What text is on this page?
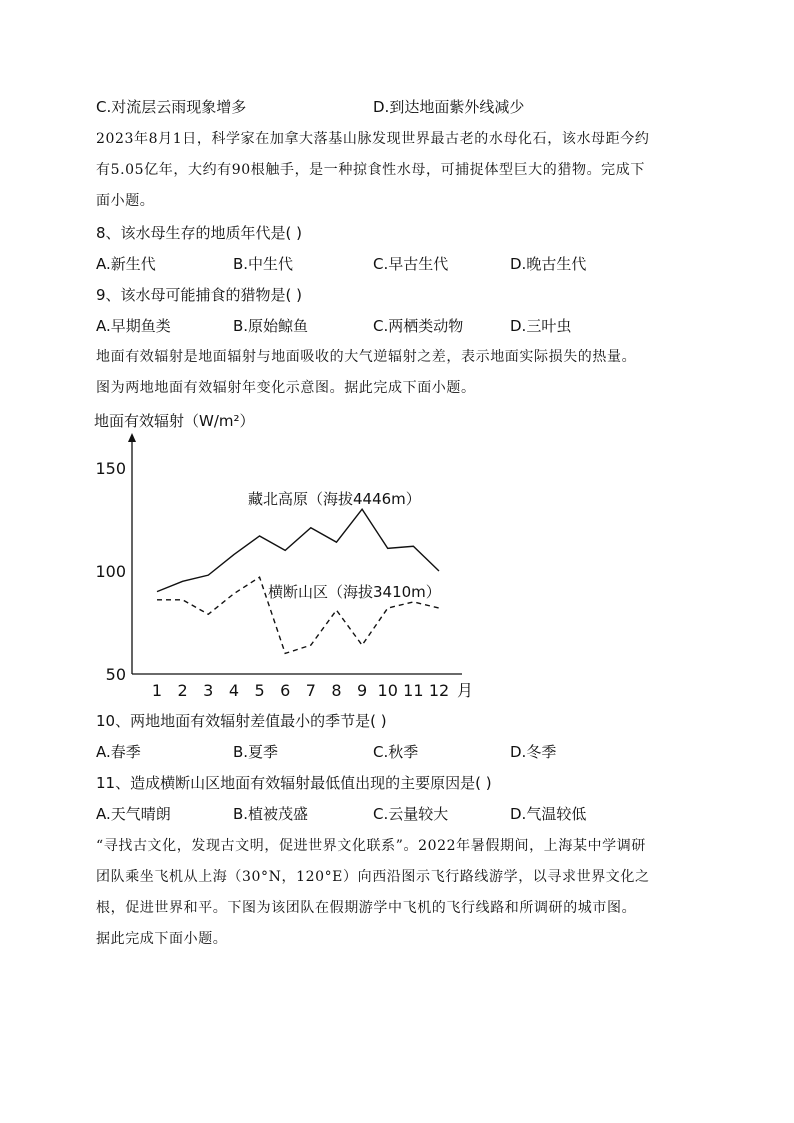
C.对流层云雨现象增多	D.到达地面紫外线减少
2023年8月1日，科学家在加拿大落基山脉发现世界最古老的水母化石，该水母距今约
有5.05亿年，大约有90根触手，是一种掠食性水母，可捕捉体型巨大的猎物。完成下
面小题。
8、该水母生存的地质年代是( )
A.新生代	B.中生代	C.早古生代	D.晚古生代
9、该水母可能捕食的猎物是( )
A.早期鱼类	B.原始鲸鱼	C.两栖类动物	D.三叶虫
地面有效辐射是地面辐射与地面吸收的大气逆辐射之差，表示地面实际损失的热量。
图为两地地面有效辐射年变化示意图。据此完成下面小题。
地面有效辐射（W/m²）
月
50
100
150
1 2 3 4 5 6 7 8 9 10 11 12
藏北高原（海拔4446m）
横断山区（海拔3410m）
10、两地地面有效辐射差值最小的季节是( )
A.春季	B.夏季	C.秋季	D.冬季
11、造成横断山区地面有效辐射最低值出现的主要原因是( )
A.天气晴朗	B.植被茂盛	C.云量较大	D.气温较低
“寻找古文化，发现古文明，促进世界文化联系”。2022年暑假期间，上海某中学调研
团队乘坐飞机从上海（30°N，120°E）向西沿图示飞行路线游学，以寻求世界文化之
根，促进世界和平。下图为该团队在假期游学中飞机的飞行线路和所调研的城市图。
据此完成下面小题。
